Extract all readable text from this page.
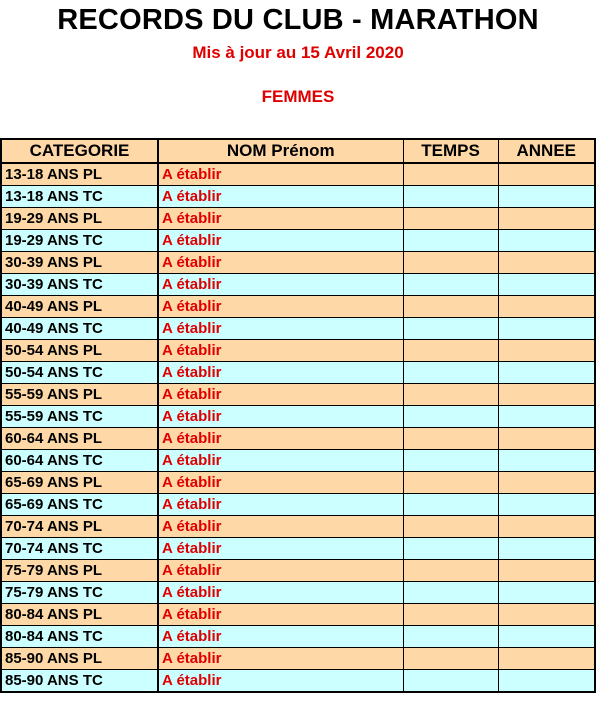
RECORDS DU CLUB - MARATHON
Mis à jour au 15 Avril 2020
FEMMES
CATEGORIE	NOM Prénom	TEMPS	ANNEE
13-18 ANS PL	A établir		
13-18 ANS TC	A établir		
19-29 ANS PL	A établir		
19-29 ANS TC	A établir		
30-39 ANS PL	A établir		
30-39 ANS TC	A établir		
40-49 ANS PL	A établir		
40-49 ANS TC	A établir		
50-54 ANS PL	A établir		
50-54 ANS TC	A établir		
55-59 ANS PL	A établir		
55-59 ANS TC	A établir		
60-64 ANS PL	A établir		
60-64 ANS TC	A établir		
65-69 ANS PL	A établir		
65-69 ANS TC	A établir		
70-74 ANS PL	A établir		
70-74 ANS TC	A établir		
75-79 ANS PL	A établir		
75-79 ANS TC	A établir		
80-84 ANS PL	A établir		
80-84 ANS TC	A établir		
85-90 ANS PL	A établir		
85-90 ANS TC	A établir		
